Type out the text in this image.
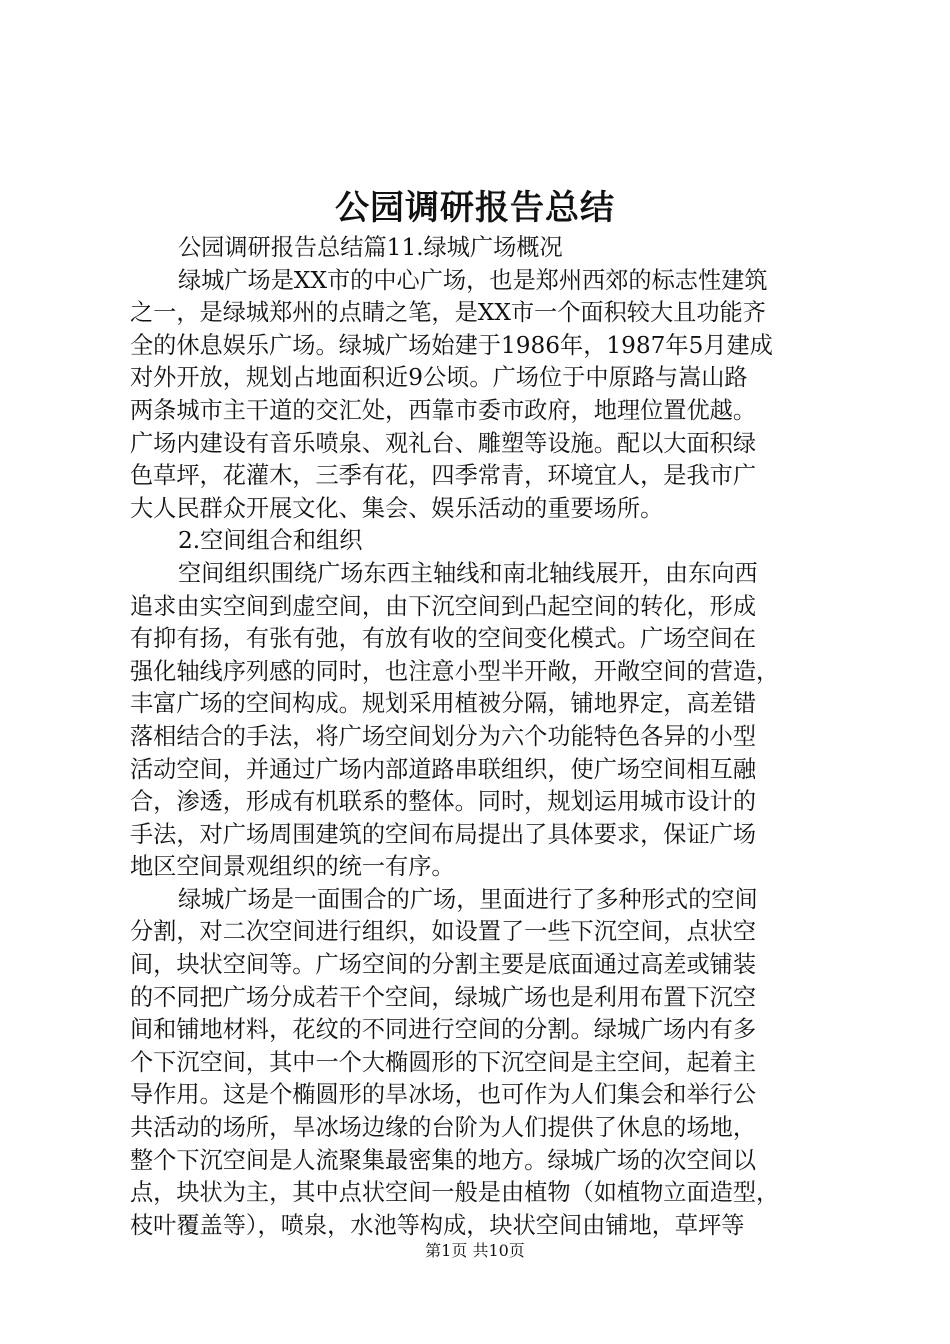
公园调研报告总结
公园调研报告总结篇11.绿城广场概况
绿城广场是XX市的中心广场，也是郑州西郊的标志性建筑
之一，是绿城郑州的点睛之笔，是XX市一个面积较大且功能齐
全的休息娱乐广场。绿城广场始建于1986年，1987年5月建成
对外开放，规划占地面积近9公顷。广场位于中原路与嵩山路
两条城市主干道的交汇处，西靠市委市政府，地理位置优越。
广场内建设有音乐喷泉、观礼台、雕塑等设施。配以大面积绿
色草坪，花灌木，三季有花，四季常青，环境宜人，是我市广
大人民群众开展文化、集会、娱乐活动的重要场所。
2.空间组合和组织
空间组织围绕广场东西主轴线和南北轴线展开，由东向西
追求由实空间到虚空间，由下沉空间到凸起空间的转化，形成
有抑有扬，有张有弛，有放有收的空间变化模式。广场空间在
强化轴线序列感的同时，也注意小型半开敞，开敞空间的营造，
丰富广场的空间构成。规划采用植被分隔，铺地界定，高差错
落相结合的手法，将广场空间划分为六个功能特色各异的小型
活动空间，并通过广场内部道路串联组织，使广场空间相互融
合，渗透，形成有机联系的整体。同时，规划运用城市设计的
手法，对广场周围建筑的空间布局提出了具体要求，保证广场
地区空间景观组织的统一有序。
绿城广场是一面围合的广场，里面进行了多种形式的空间
分割，对二次空间进行组织，如设置了一些下沉空间，点状空
间，块状空间等。广场空间的分割主要是底面通过高差或铺装
的不同把广场分成若干个空间，绿城广场也是利用布置下沉空
间和铺地材料，花纹的不同进行空间的分割。绿城广场内有多
个下沉空间，其中一个大椭圆形的下沉空间是主空间，起着主
导作用。这是个椭圆形的旱冰场，也可作为人们集会和举行公
共活动的场所，旱冰场边缘的台阶为人们提供了休息的场地，
整个下沉空间是人流聚集最密集的地方。绿城广场的次空间以
点，块状为主，其中点状空间一般是由植物（如植物立面造型，
枝叶覆盖等），喷泉，水池等构成，块状空间由铺地，草坪等
第1页 共10页
